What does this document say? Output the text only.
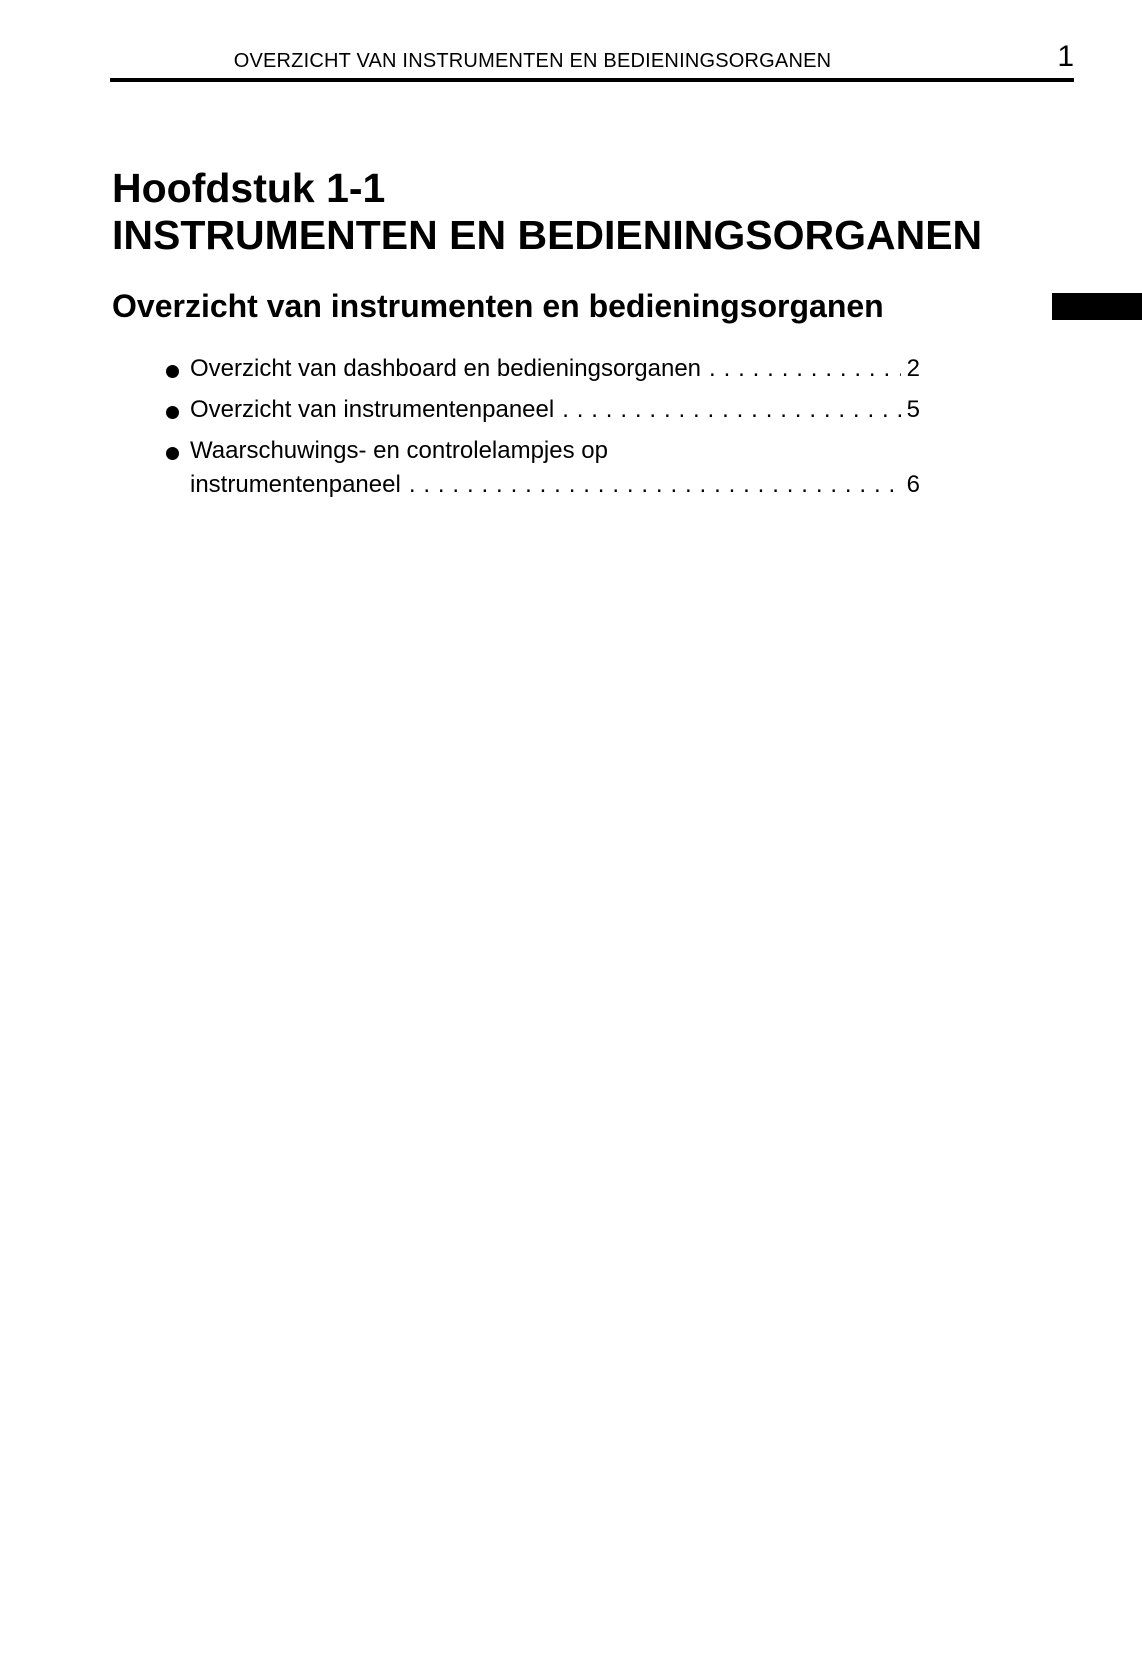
OVERZICHT VAN INSTRUMENTEN EN BEDIENINGSORGANEN	1
Hoofdstuk 1-1
INSTRUMENTEN EN BEDIENINGSORGANEN
Overzicht van instrumenten en bedieningsorganen
Overzicht van dashboard en bedieningsorganen . . .	2
Overzicht van instrumentenpaneel . . .	5
Waarschuwings- en controlelampjes op
instrumentenpaneel . . .	6
